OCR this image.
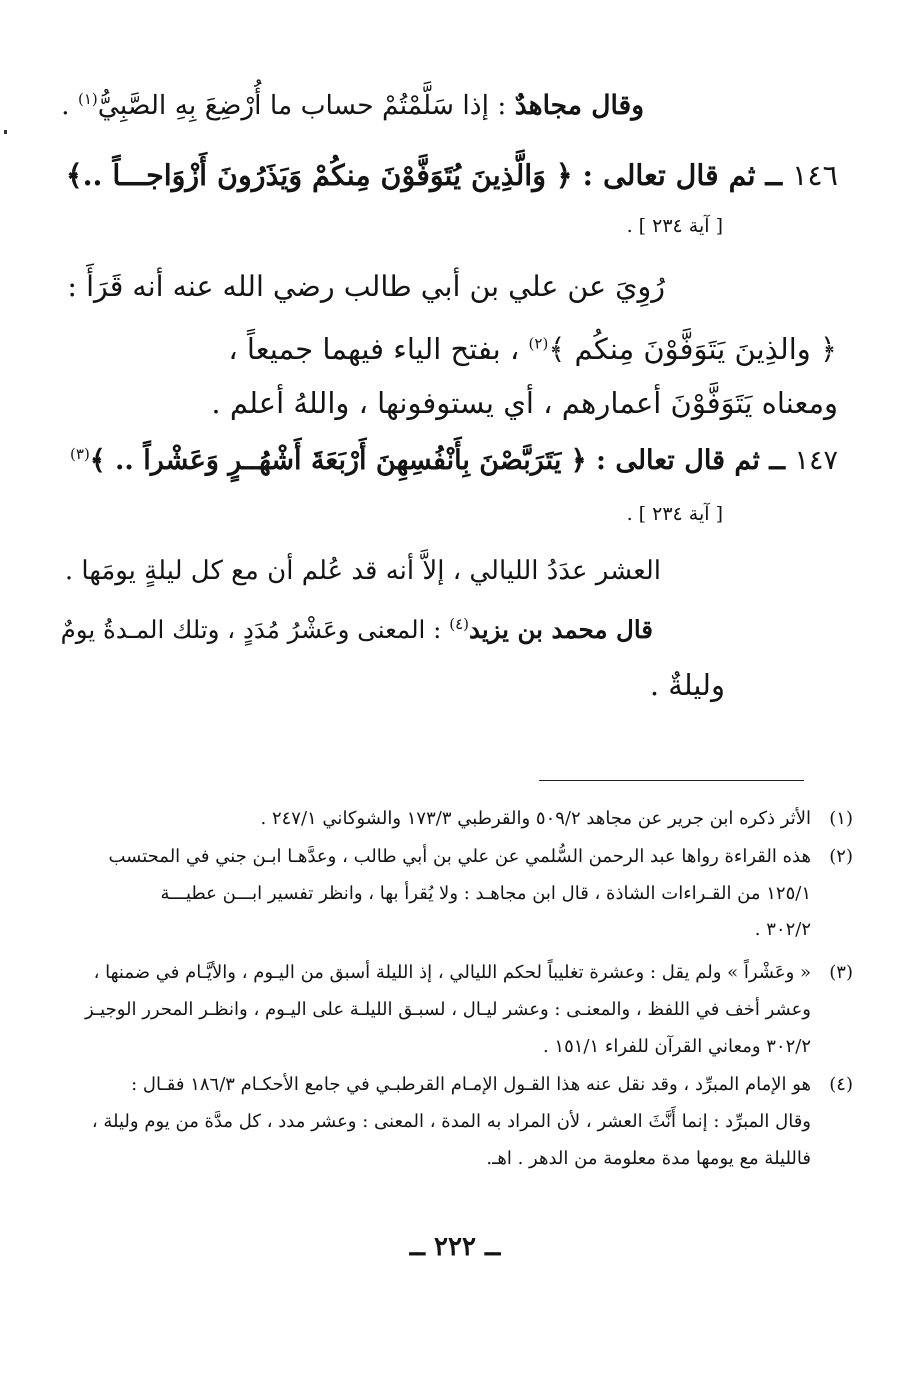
وقال مجاهدٌ : إذا سَلَّمْتُمْ حساب ما أُرْضِعَ بِهِ الصَّبِيُّ$^{(١)}$ .
١٤٦ ــ ثم قال تعالى : ﴿ وَالَّذِينَ يُتَوَفَّوْنَ مِنكُمْ وَيَذَرُونَ أَزْوَاجـــاً ..﴾
[ آية ٢٣٤ ] .
رُوِيَ عن علي بن أبي طالب رضي الله عنه أنه قَرَأَ :
﴿ والذِينَ يَتَوَفَّوْنَ مِنكُم ﴾$^{(٢)}$ ، بفتح الياء فيهما جميعاً ،
ومعناه يَتَوَفَّوْنَ أعمارهم ، أي يستوفونها ، واللهُ أعلم .
١٤٧ ــ ثم قال تعالى : ﴿ يَتَرَبَّصْنَ بِأَنْفُسِهِنَ أَرْبَعَةَ أَشْهُــرٍ وَعَشْراً .. ﴾$^{(٣)}$
[ آية ٢٣٤ ] .
العشر عدَدُ الليالي ، إلاَّ أنه قد عُلم أن مع كل ليلةٍ يومَها .
قال محمد بن يزيد$^{(٤)}$ : المعنى وعَشْرُ مُدَدٍ ، وتلك المـدةُ يومٌ
وليلةٌ .
الأثر ذكره ابن جرير عن مجاهد ٥٠٩/٢ والقرطبي ١٧٣/٣ والشوكاني ٢٤٧/١ . (١)
(٢)
هذه القراءة رواها عبد الرحمن السُّلمي عن علي بن أبي طالب ، وعدَّهـا ابـن جني في المحتسب
١٢٥/١ من القـراءات الشاذة ، قال ابن مجاهـد : ولا يُقرأ بها ، وانظر تفسير ابـــن عطيـــة
٣٠٢/٢ .
(٣)
« وعَشْراً » ولم يقل : وعشرة تغليباً لحكم الليالي ، إذ الليلة أسبق من اليـوم ، والأيَّـام في ضمنها ،
وعشر أخف في اللفظ ، والمعنـى : وعشر ليـال ، لسبـق الليلـة على اليـوم ، وانظـر المحرر الوجيـز
٣٠٢/٢ ومعاني القرآن للفراء ١٥١/١ .
(٤)
هو الإمام المبرِّد ، وقد نقل عنه هذا القـول الإمـام القرطبـي في جامع الأحكـام ١٨٦/٣ فقـال :
وقال المبرِّد : إنما أَنَّثَ العشر ، لأن المراد به المدة ، المعنى : وعشر مدد ، كل مدَّة من يوم وليلة ،
فالليلة مع يومها مدة معلومة من الدهر . اهـ.
ــ ٢٢٢ ــ
